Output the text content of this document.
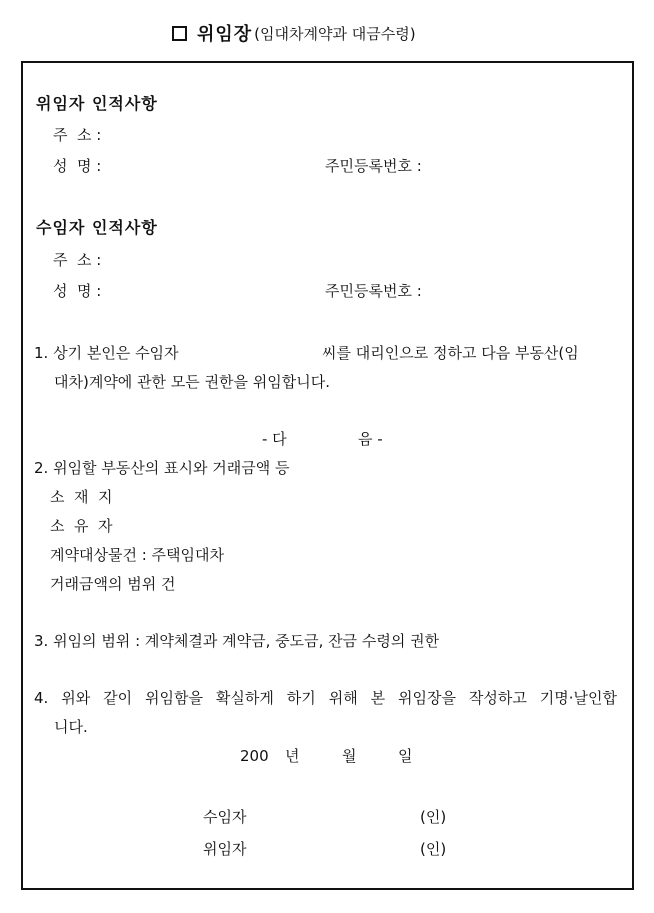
위임장 (임대차계약과 대금수령)
위임자 인적사항
주  소 :
성  명 :	주민등록번호 :
수임자 인적사항
주  소 :
성  명 :	주민등록번호 :
1. 상기 본인은 수임자	씨를 대리인으로 정하고 다음 부동산(임
대차)계약에 관한 모든 권한을 위임합니다.
- 다	음 -
2. 위임할 부동산의 표시와 거래금액 등
소  재  지
소  유  자
계약대상물건 : 주택임대차
거래금액의 범위 건
3. 위임의 범위 : 계약체결과 계약금, 중도금, 잔금 수령의 권한
4. 위와 같이 위임함을 확실하게 하기 위해 본 위임장을 작성하고 기명·날인합
니다.
200 년	월	일
수임자	(인)
위임자	(인)
